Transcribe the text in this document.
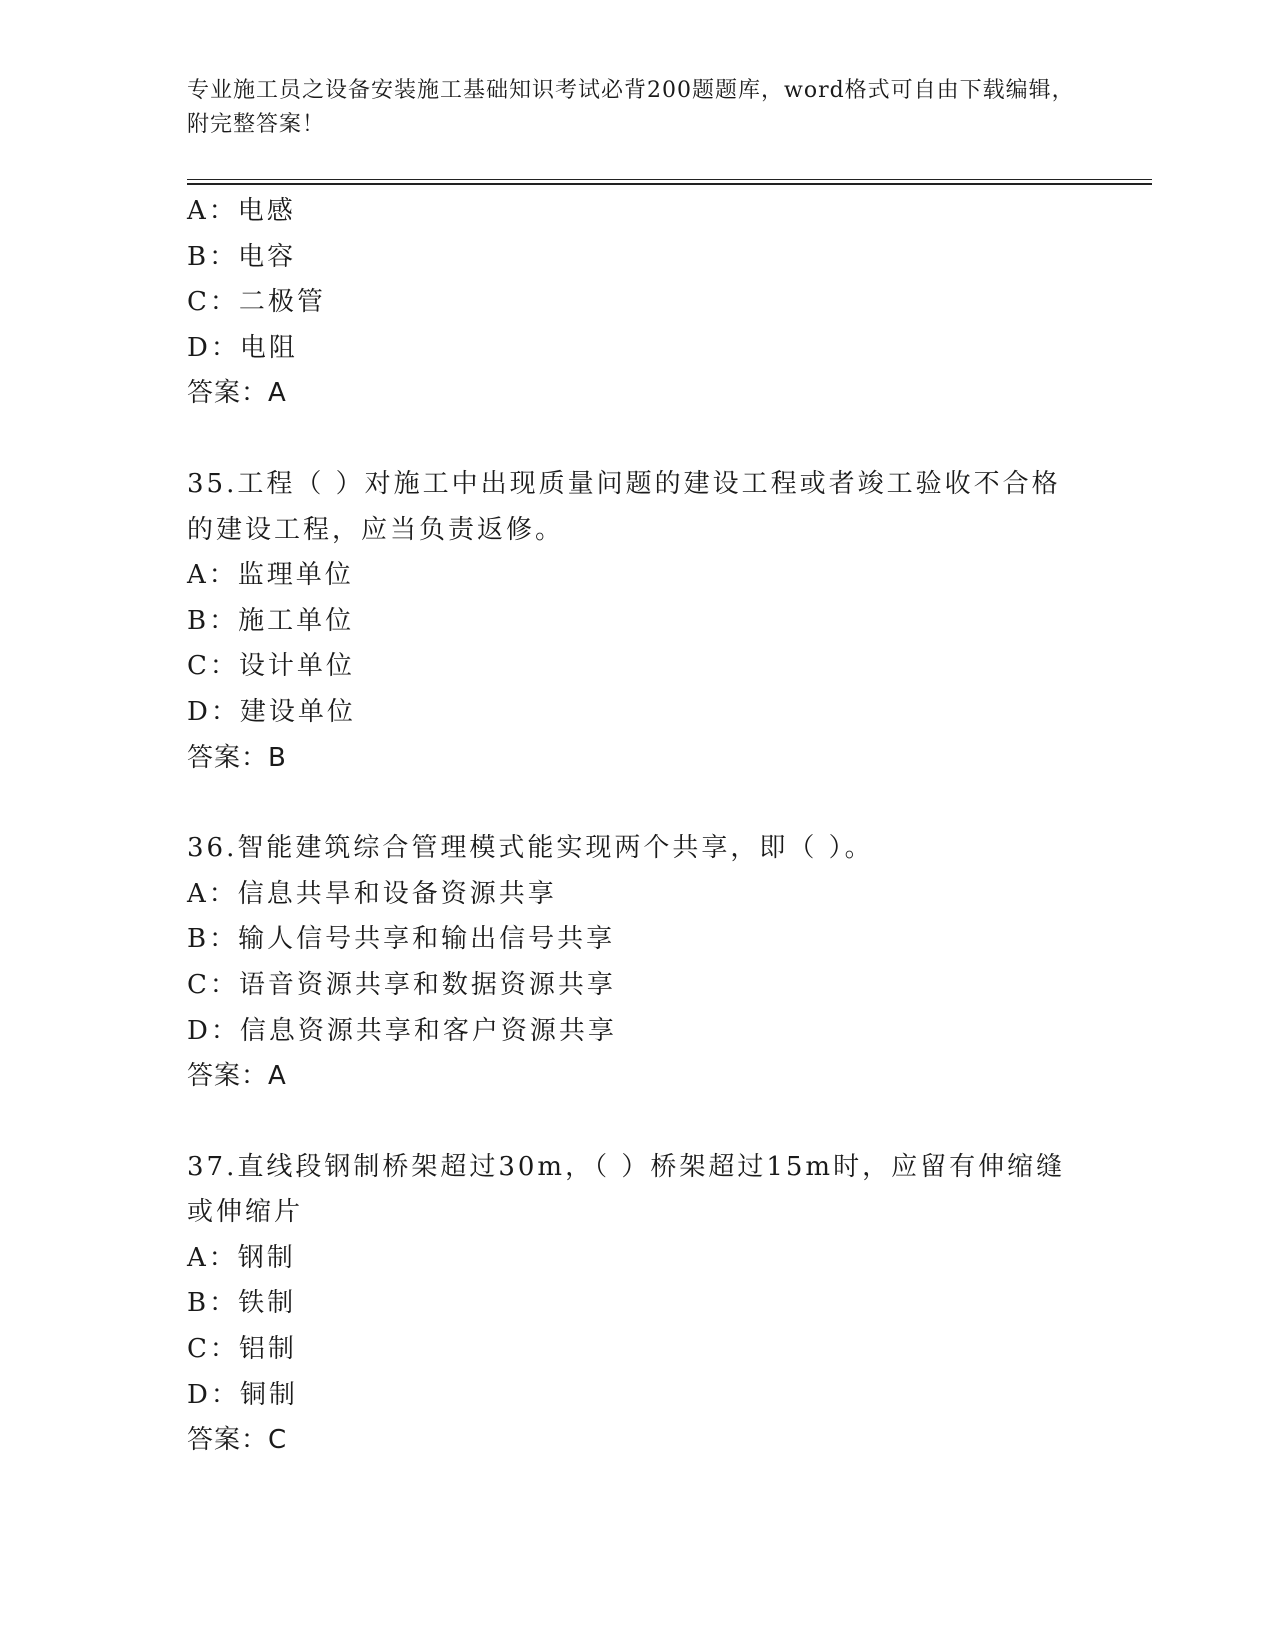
专业施工员之设备安装施工基础知识考试必背200题题库，word格式可自由下载编辑，附完整答案！
A：电感
B：电容
C：二极管
D：电阻
答案：A
35.工程（ ）对施工中出现质量问题的建设工程或者竣工验收不合格的建设工程，应当负责返修。
A：监理单位
B：施工单位
C：设计单位
D：建设单位
答案：B
36.智能建筑综合管理模式能实现两个共享，即（ ）。
A：信息共旱和设备资源共享
B：输人信号共享和输出信号共享
C：语音资源共享和数据资源共享
D：信息资源共享和客户资源共享
答案：A
37.直线段钢制桥架超过30m，（ ）桥架超过15m时，应留有伸缩缝或伸缩片
A：钢制
B：铁制
C：铝制
D：铜制
答案：C
